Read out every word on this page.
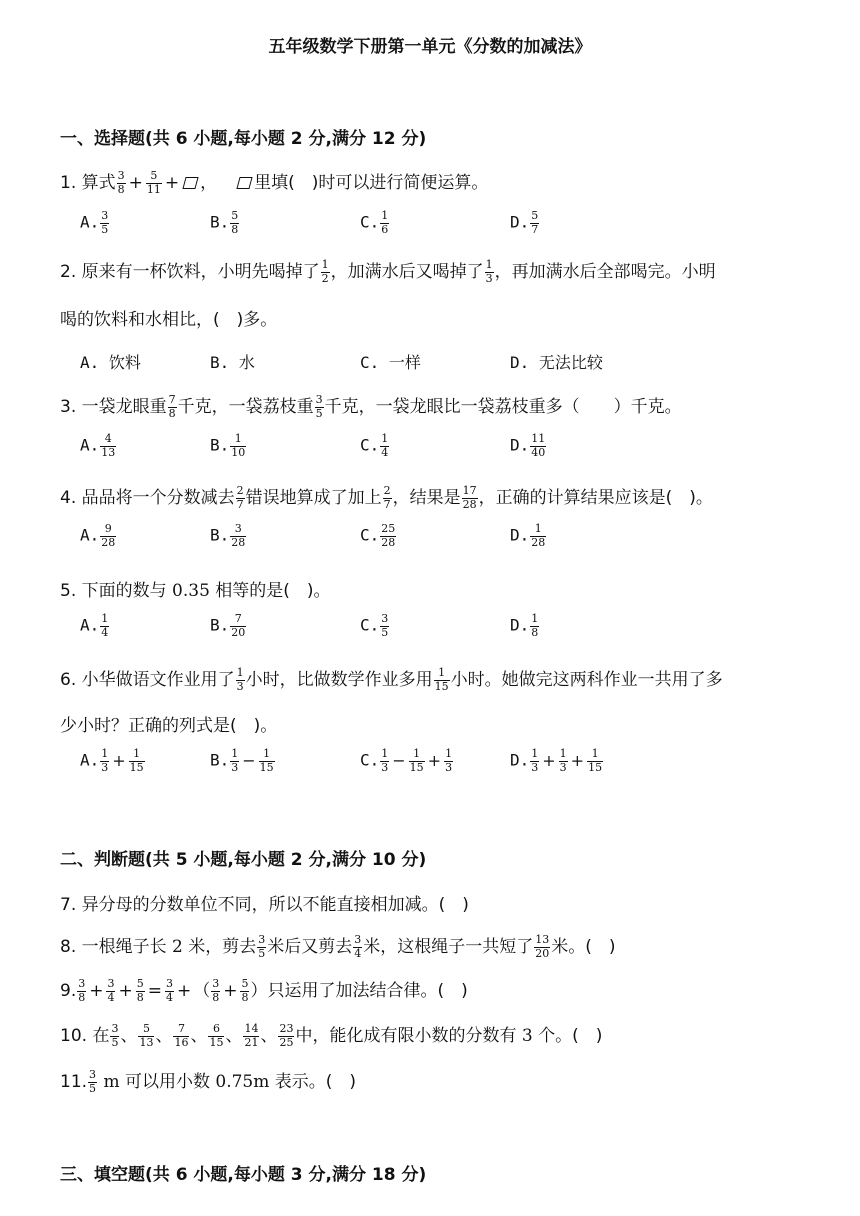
五年级数学下册第一单元《分数的加减法》
一、选择题(共 6 小题,每小题 2 分,满分 12 分)
1. 算式 $\frac{3}{8} + \frac{5}{11}$ + ， 里填(　)时可以进行简便运算。
A. $\frac{3}{5}$	B. $\frac{5}{8}$	C. $\frac{1}{6}$	D. $\frac{5}{7}$
2. 原来有一杯饮料，小明先喝掉了 $\frac{1}{2}$ ，加满水后又喝掉了 $\frac{1}{3}$ ，再加满水后全部喝完。小明
喝的饮料和水相比，(　)多。
A. 饮料	B. 水	C. 一样	D. 无法比较
3. 一袋龙眼重 $\frac{7}{8}$ 千克，一袋荔枝重 $\frac{3}{5}$ 千克，一袋龙眼比一袋荔枝重多（　　）千克。
A. $\frac{4}{13}$	B. $\frac{1}{10}$	C. $\frac{1}{4}$	D. $\frac{11}{40}$
4. 品品将一个分数减去 $\frac{2}{7}$ 错误地算成了加上 $\frac{2}{7}$ ，结果是 $\frac{17}{28}$ ，正确的计算结果应该是(　)。
A. $\frac{9}{28}$	B. $\frac{3}{28}$	C. $\frac{25}{28}$	D. $\frac{1}{28}$
5. 下面的数与 0.35 相等的是(　)。
A. $\frac{1}{4}$	B. $\frac{7}{20}$	C. $\frac{3}{5}$	D. $\frac{1}{8}$
6. 小华做语文作业用了 $\frac{1}{3}$ 小时，比做数学作业多用 $\frac{1}{15}$ 小时。她做完这两科作业一共用了多
少小时？正确的列式是(　)。
A. $\frac{1}{3} + \frac{1}{15}$	B. $\frac{1}{3} - \frac{1}{15}$	C. $\frac{1}{3} - \frac{1}{15} + \frac{1}{3}$	D. $\frac{1}{3} + \frac{1}{3} + \frac{1}{15}$
二、判断题(共 5 小题,每小题 2 分,满分 10 分)
7. 异分母的分数单位不同，所以不能直接相加减。(　)
8. 一根绳子长 2 米，剪去 $\frac{3}{5}$ 米后又剪去 $\frac{3}{4}$ 米，这根绳子一共短了 $\frac{13}{20}$ 米。(　)
9. $\frac{3}{8} + \frac{3}{4} + \frac{5}{8} = \frac{3}{4}$ + （ $\frac{3}{8} + \frac{5}{8}$ ）只运用了加法结合律。(　)
10. 在 $\frac{3}{5}$ 、 $\frac{5}{13}$ 、 $\frac{7}{16}$ 、 $\frac{6}{15}$ 、 $\frac{14}{21}$ 、 $\frac{23}{25}$ 中，能化成有限小数的分数有 3 个。(　)
11. $\frac{3}{5}$ m 可以用小数 0.75m 表示。(　)
三、填空题(共 6 小题,每小题 3 分,满分 18 分)
